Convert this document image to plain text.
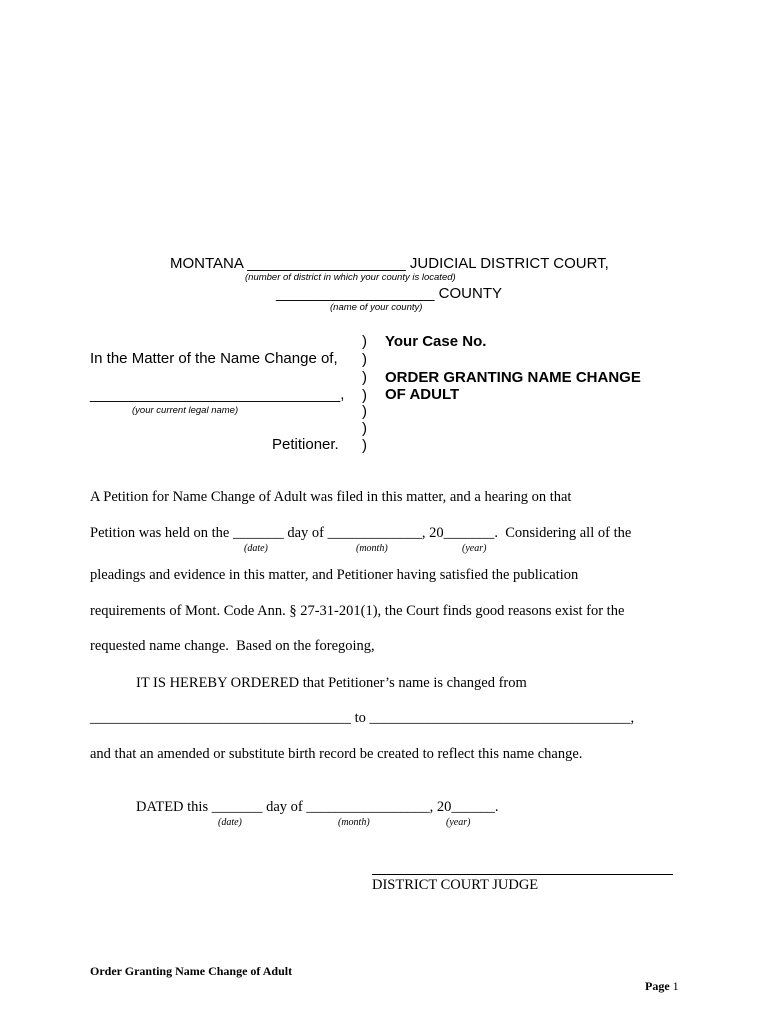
MONTANA ___________________ JUDICIAL DISTRICT COURT,
(number of district in which your county is located)
___________________ COUNTY
(name of your county)
)
)
)
)
)
)
)
In the Matter of the Name Change of,
______________________________,
(your current legal name)
Petitioner.
Your Case No.
ORDER GRANTING NAME CHANGE
OF ADULT
A Petition for Name Change of Adult was filed in this matter, and a hearing on that
Petition was held on the _______ day of _____________, 20_______.  Considering all of the
(date)	(month)	(year)
pleadings and evidence in this matter, and Petitioner having satisfied the publication
requirements of Mont. Code Ann. § 27-31-201(1), the Court finds good reasons exist for the
requested name change.  Based on the foregoing,
IT IS HEREBY ORDERED that Petitioner’s name is changed from
____________________________________ to ____________________________________,
and that an amended or substitute birth record be created to reflect this name change.
DATED this _______ day of _________________, 20______.
(date)	(month)	(year)
DISTRICT COURT JUDGE
Order Granting Name Change of Adult

Page 1
